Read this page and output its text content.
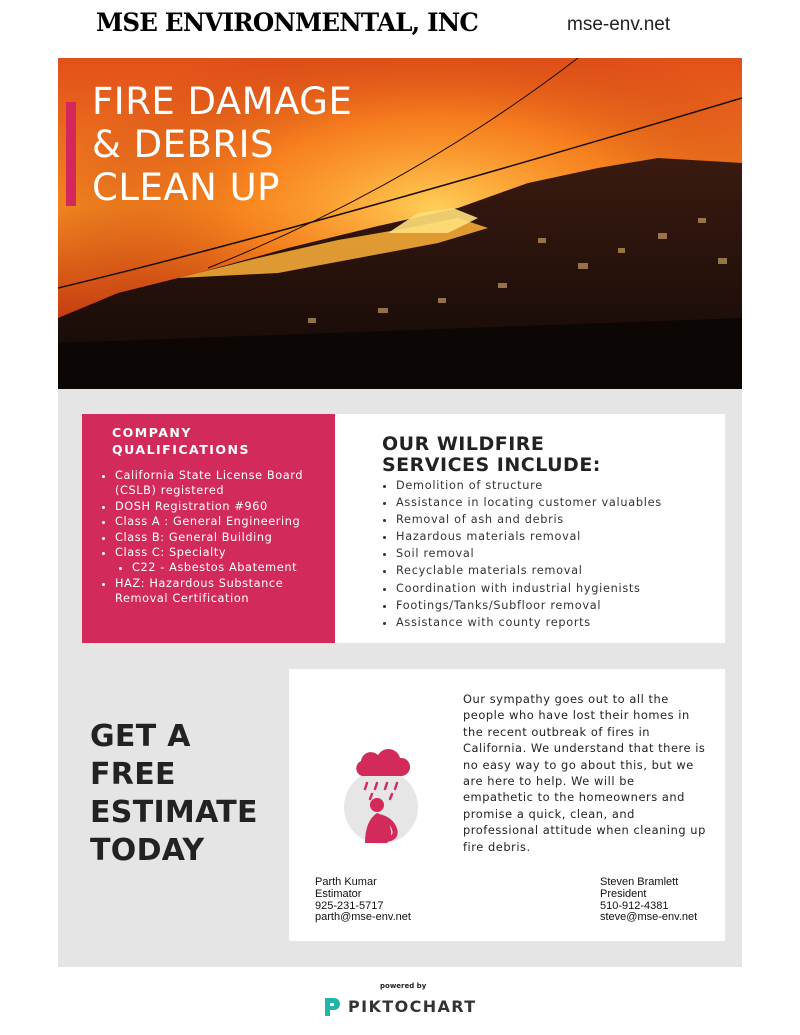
MSE ENVIRONMENTAL, INC	mse-env.net
FIRE DAMAGE
& DEBRIS
CLEAN UP
COMPANY
QUALIFICATIONS
• California State License Board (CSLB) registered
• DOSH Registration #960
• Class A : General Engineering
• Class B: General Building
• Class C: Specialty
• C22 - Asbestos Abatement
• HAZ: Hazardous Substance Removal Certification
OUR WILDFIRE
SERVICES INCLUDE:
• Demolition of structure
• Assistance in locating customer valuables
• Removal of ash and debris
• Hazardous materials removal
• Soil removal
• Recyclable materials removal
• Coordination with industrial hygienists
• Footings/Tanks/Subfloor removal
• Assistance with county reports
GET A
FREE
ESTIMATE
TODAY
Our sympathy goes out to all the people who have lost their homes in the recent outbreak of fires in California. We understand that there is no easy way to go about this, but we are here to help. We will be empathetic to the homeowners and promise a quick, clean, and professional attitude when cleaning up fire debris.
Parth Kumar
Estimator
925-231-5717
parth@mse-env.net
Steven Bramlett
President
510-912-4381
steve@mse-env.net
powered by
PIKTOCHART
